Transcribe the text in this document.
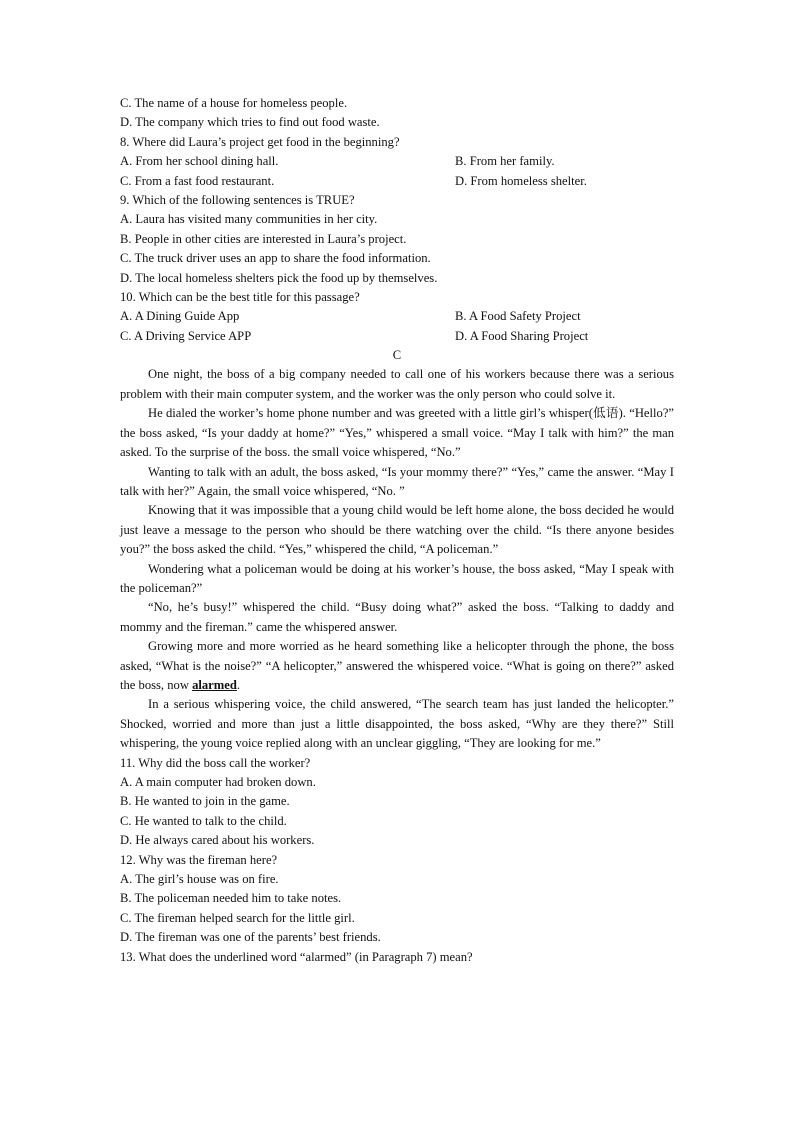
C. The name of a house for homeless people.
D. The company which tries to find out food waste.
8. Where did Laura’s project get food in the beginning?
A. From her school dining hall.	B. From her family.
C. From a fast food restaurant.	D. From homeless shelter.
9. Which of the following sentences is TRUE?
A. Laura has visited many communities in her city.
B. People in other cities are interested in Laura’s project.
C. The truck driver uses an app to share the food information.
D. The local homeless shelters pick the food up by themselves.
10. Which can be the best title for this passage?
A. A Dining Guide App	B. A Food Safety Project
C. A Driving Service APP	D. A Food Sharing Project
C
One night, the boss of a big company needed to call one of his workers because there was a serious problem with their main computer system, and the worker was the only person who could solve it.
He dialed the worker’s home phone number and was greeted with a little girl’s whisper(低语). “Hello?” the boss asked, “Is your daddy at home?” “Yes,” whispered a small voice. “May I talk with him?” the man asked. To the surprise of the boss. the small voice whispered, “No.”
Wanting to talk with an adult, the boss asked, “Is your mommy there?” “Yes,” came the answer. “May I talk with her?” Again, the small voice whispered, “No. ”
Knowing that it was impossible that a young child would be left home alone, the boss decided he would just leave a message to the person who should be there watching over the child. “Is there anyone besides you?” the boss asked the child. “Yes,” whispered the child, “A policeman.”
Wondering what a policeman would be doing at his worker’s house, the boss asked, “May I speak with the policeman?”
“No, he’s busy!” whispered the child. “Busy doing what?” asked the boss. “Talking to daddy and mommy and the fireman.” came the whispered answer.
Growing more and more worried as he heard something like a helicopter through the phone, the boss asked, “What is the noise?” “A helicopter,” answered the whispered voice. “What is going on there?” asked the boss, now alarmed.
In a serious whispering voice, the child answered, “The search team has just landed the helicopter.” Shocked, worried and more than just a little disappointed, the boss asked, “Why are they there?” Still whispering, the young voice replied along with an unclear giggling, “They are looking for me.”
11. Why did the boss call the worker?
A. A main computer had broken down.
B. He wanted to join in the game.
C. He wanted to talk to the child.
D. He always cared about his workers.
12. Why was the fireman here?
A. The girl’s house was on fire.
B. The policeman needed him to take notes.
C. The fireman helped search for the little girl.
D. The fireman was one of the parents’ best friends.
13. What does the underlined word “alarmed” (in Paragraph 7) mean?
